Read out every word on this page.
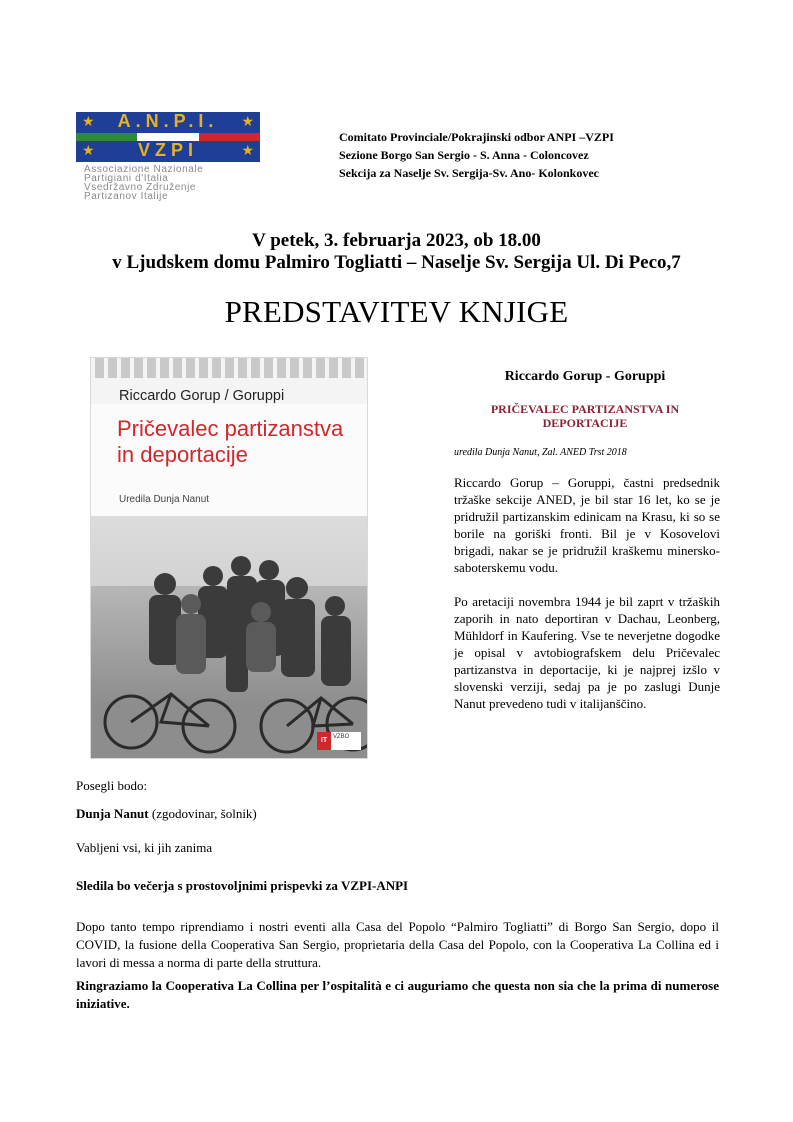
★	★
A.N.P.I.
★	★
VZPI
Associazione Nazionale
Partigiani d'Italia
Vsedržavno Združenje
Partizanov Italije
Comitato Provinciale/Pokrajinski odbor ANPI –VZPI
Sezione Borgo San Sergio - S. Anna - Coloncovez
Sekcija za Naselje Sv. Sergija-Sv. Ano- Kolonkovec
V petek, 3. februarja 2023, ob 18.00
v Ljudskem domu Palmiro Togliatti – Naselje Sv. Sergija Ul. Di Peco,7
PREDSTAVITEV KNJIGE
Riccardo Gorup / Goruppi
Pričevalec partizanstva
in deportacije
Uredila Dunja Nanut
IT VZBO
Riccardo Gorup - Goruppi
PRIČEVALEC PARTIZANSTVA IN
DEPORTACIJE
uredila Dunja Nanut, Zal. ANED Trst 2018
Riccardo Gorup – Goruppi, častni predsednik tržaške sekcije ANED, je bil star 16 let, ko se je pridružil partizanskim edinicam na Krasu, ki so se borile na goriški fronti. Bil je v Kosovelovi brigadi, nakar se je pridružil kraškemu minersko-saboterskemu vodu.
Po aretaciji novembra 1944 je bil zaprt v tržaških zaporih in nato deportiran v Dachau, Leonberg, Mühldorf in Kaufering. Vse te neverjetne dogodke je opisal v avtobiografskem delu Pričevalec partizanstva in deportacije, ki je najprej izšlo v slovenski verziji, sedaj pa je po zaslugi Dunje Nanut prevedeno tudi v italijanščino.
Posegli bodo:
Dunja Nanut (zgodovinar, šolnik)
Vabljeni vsi, ki jih zanima
Sledila bo večerja s prostovoljnimi prispevki za VZPI-ANPI
Dopo tanto tempo riprendiamo i nostri eventi alla Casa del Popolo “Palmiro Togliatti” di Borgo San Sergio, dopo il COVID, la fusione della Cooperativa San Sergio, proprietaria della Casa del Popolo, con la Cooperativa La Collina ed i lavori di messa a norma di parte della struttura.
Ringraziamo la Cooperativa La Collina per l’ospitalità e ci auguriamo che questa non sia che la prima di numerose iniziative.
